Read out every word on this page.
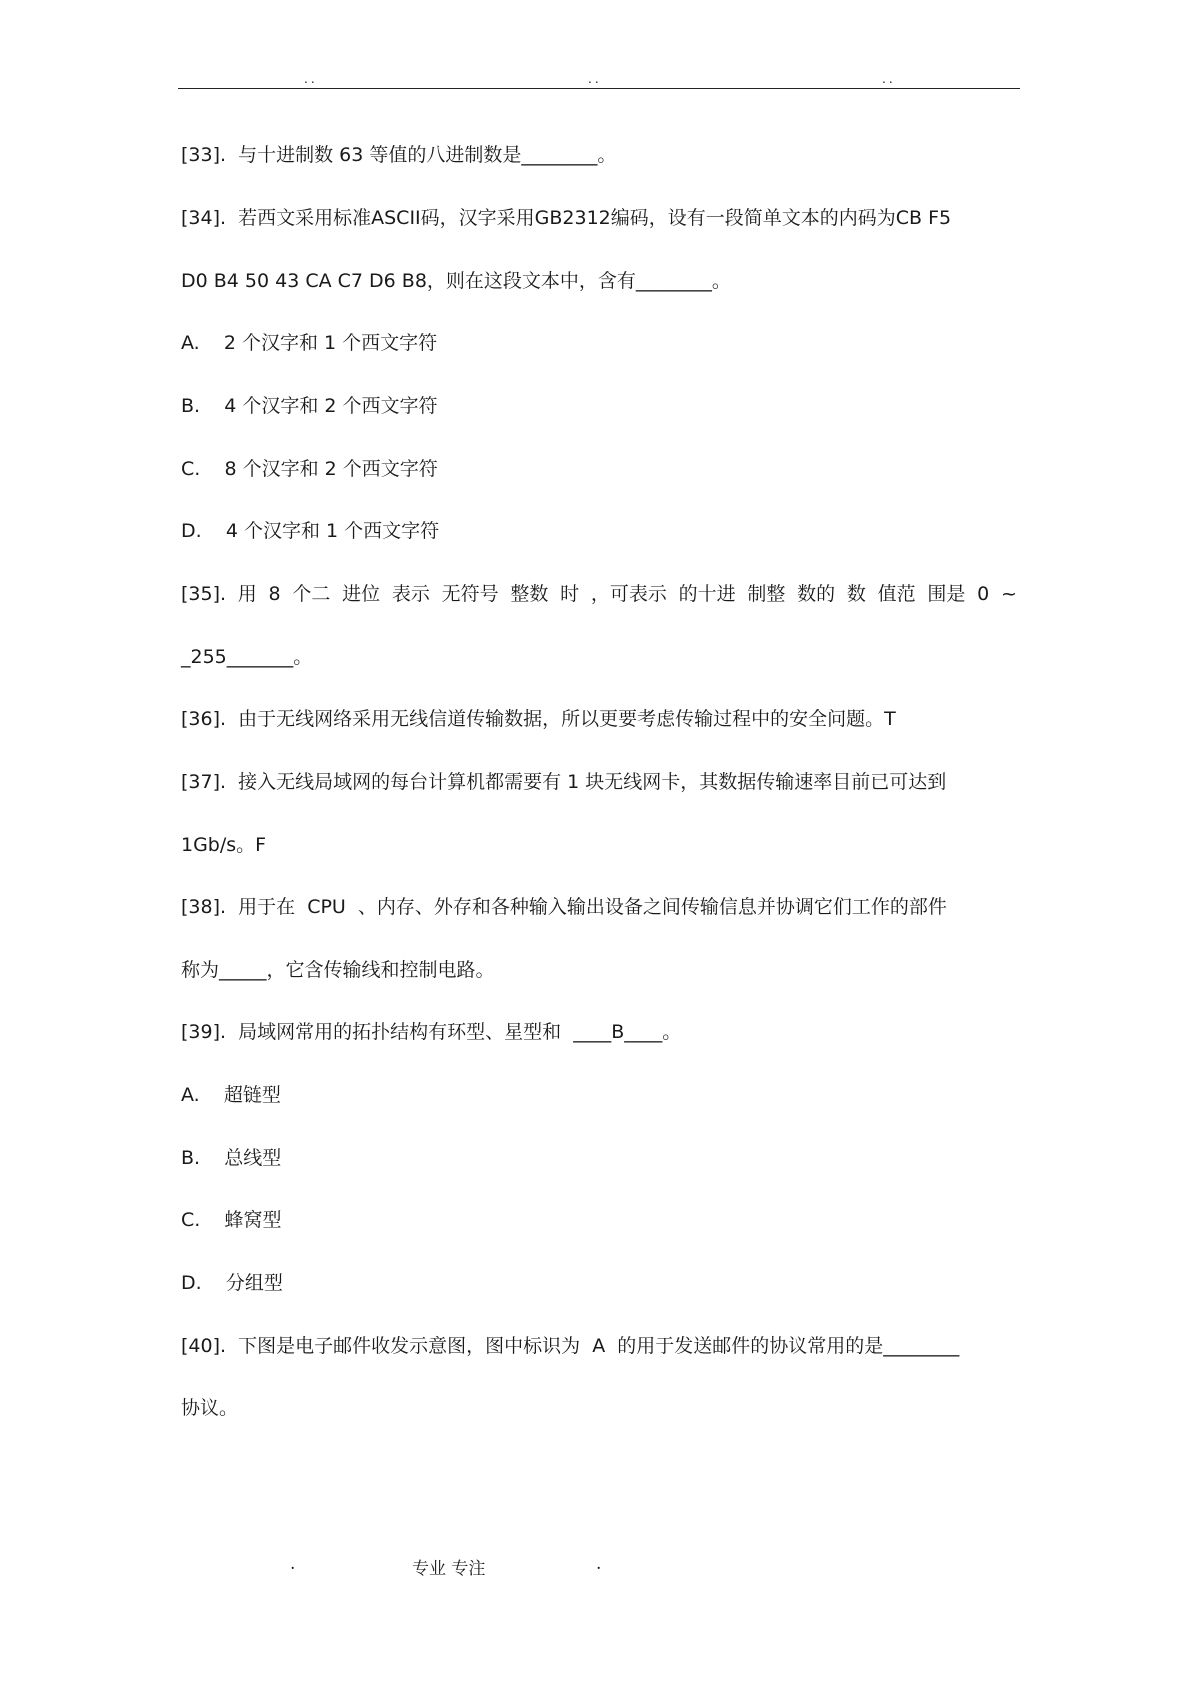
..	..	..
[33].  与十进制数 63 等值的八进制数是________。
[34].  若西文采用标准ASCII码，汉字采用GB2312编码，设有一段简单文本的内码为CB F5
D0 B4 50 43 CA C7 D6 B8，则在这段文本中，含有________。
A.    2 个汉字和 1 个西文字符
B.    4 个汉字和 2 个西文字符
C.    8 个汉字和 2 个西文字符
D.    4 个汉字和 1 个西文字符
[35]. 用 8 个二 进位 表示 无符号 整数 时 ，可表示 的十进 制整 数的 数 值范 围是 0 ~
_255_______。
[36].  由于无线网络采用无线信道传输数据，所以更要考虑传输过程中的安全问题。T
[37].  接入无线局域网的每台计算机都需要有 1 块无线网卡，其数据传输速率目前已可达到
1Gb/s。F
[38].  用于在  CPU  、内存、外存和各种输入输出设备之间传输信息并协调它们工作的部件
称为_____，它含传输线和控制电路。
[39].  局域网常用的拓扑结构有环型、星型和  ____B____。
A.    超链型
B.    总线型
C.    蜂窝型
D.    分组型
[40].  下图是电子邮件收发示意图，图中标识为  A  的用于发送邮件的协议常用的是________
协议。
.	专业 专注	.
